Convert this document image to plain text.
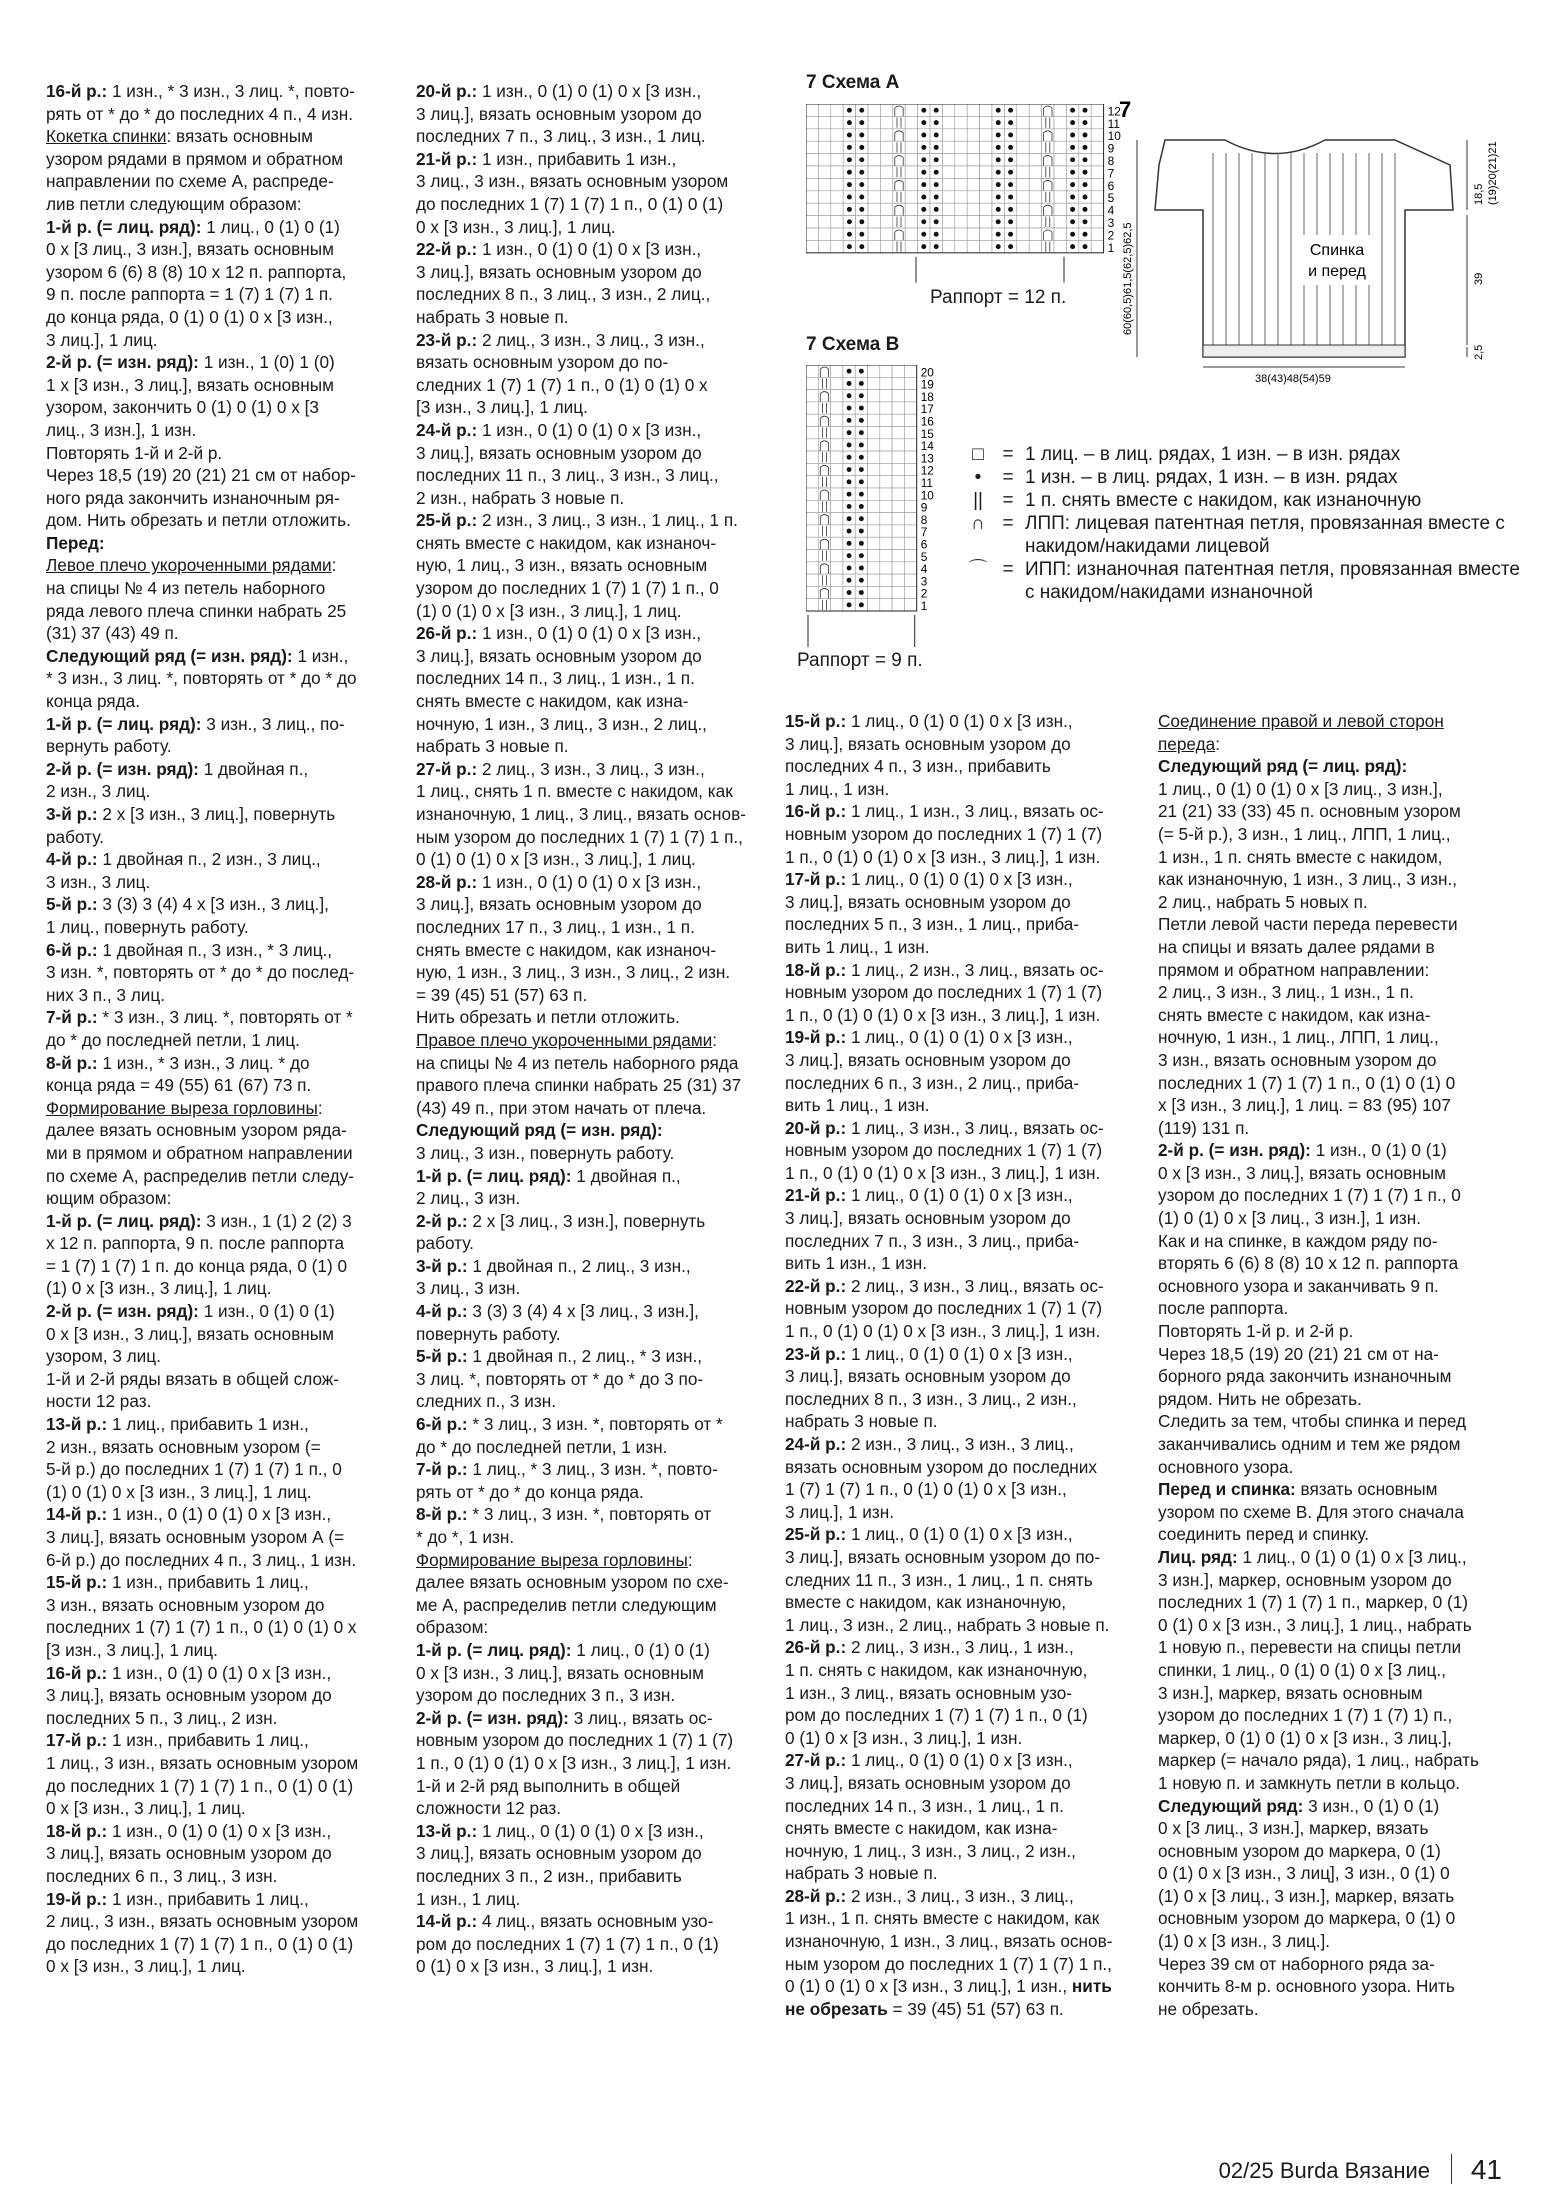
16-й р.: 1 изн., * 3 изн., 3 лиц. *, повто-

рять от * до * до последних 4 п., 4 изн.

Кокетка спинки: вязать основным

узором рядами в прямом и обратном

направлении по схеме А, распреде-

лив петли следующим образом:

1-й р. (= лиц. ряд): 1 лиц., 0 (1) 0 (1)

0 x [3 лиц., 3 изн.], вязать основным

узором 6 (6) 8 (8) 10 x 12 п. раппорта,

9 п. после раппорта = 1 (7) 1 (7) 1 п.

до конца ряда, 0 (1) 0 (1) 0 x [3 изн.,

3 лиц.], 1 лиц.

2-й р. (= изн. ряд): 1 изн., 1 (0) 1 (0)

1 x [3 изн., 3 лиц.], вязать основным

узором, закончить 0 (1) 0 (1) 0 x [3

лиц., 3 изн.], 1 изн.

Повторять 1-й и 2-й р.

Через 18,5 (19) 20 (21) 21 см от набор-

ного ряда закончить изнаночным ря-

дом. Нить обрезать и петли отложить.

Перед:

Левое плечо укороченными рядами:

на спицы № 4 из петель наборного

ряда левого плеча спинки набрать 25

(31) 37 (43) 49 п.

Следующий ряд (= изн. ряд): 1 изн.,

* 3 изн., 3 лиц. *, повторять от * до * до

конца ряда.

1-й р. (= лиц. ряд): 3 изн., 3 лиц., по-

вернуть работу.

2-й р. (= изн. ряд): 1 двойная п.,

2 изн., 3 лиц.

3-й р.: 2 x [3 изн., 3 лиц.], повернуть

работу.

4-й р.: 1 двойная п., 2 изн., 3 лиц.,

3 изн., 3 лиц.

5-й р.: 3 (3) 3 (4) 4 x [3 изн., 3 лиц.],

1 лиц., повернуть работу.

6-й р.: 1 двойная п., 3 изн., * 3 лиц.,

3 изн. *, повторять от * до * до послед-

них 3 п., 3 лиц.

7-й р.: * 3 изн., 3 лиц. *, повторять от *

до * до последней петли, 1 лиц.

8-й р.: 1 изн., * 3 изн., 3 лиц. * до

конца ряда = 49 (55) 61 (67) 73 п.

Формирование выреза горловины:

далее вязать основным узором ряда-

ми в прямом и обратном направлении

по схеме А, распределив петли следу-

ющим образом:

1-й р. (= лиц. ряд): 3 изн., 1 (1) 2 (2) 3

x 12 п. раппорта, 9 п. после раппорта

= 1 (7) 1 (7) 1 п. до конца ряда, 0 (1) 0

(1) 0 x [3 изн., 3 лиц.], 1 лиц.

2-й р. (= изн. ряд): 1 изн., 0 (1) 0 (1)

0 x [3 изн., 3 лиц.], вязать основным

узором, 3 лиц.

1-й и 2-й ряды вязать в общей слож-

ности 12 раз.

13-й р.: 1 лиц., прибавить 1 изн.,

2 изн., вязать основным узором (=

5-й р.) до последних 1 (7) 1 (7) 1 п., 0

(1) 0 (1) 0 x [3 изн., 3 лиц.], 1 лиц.

14-й р.: 1 изн., 0 (1) 0 (1) 0 x [3 изн.,

3 лиц.], вязать основным узором А (=

6-й р.) до последних 4 п., 3 лиц., 1 изн.

15-й р.: 1 изн., прибавить 1 лиц.,

3 изн., вязать основным узором до

последних 1 (7) 1 (7) 1 п., 0 (1) 0 (1) 0 x

[3 изн., 3 лиц.], 1 лиц.

16-й р.: 1 изн., 0 (1) 0 (1) 0 x [3 изн.,

3 лиц.], вязать основным узором до

последних 5 п., 3 лиц., 2 изн.

17-й р.: 1 изн., прибавить 1 лиц.,

1 лиц., 3 изн., вязать основным узором

до последних 1 (7) 1 (7) 1 п., 0 (1) 0 (1)

0 x [3 изн., 3 лиц.], 1 лиц.

18-й р.: 1 изн., 0 (1) 0 (1) 0 x [3 изн.,

3 лиц.], вязать основным узором до

последних 6 п., 3 лиц., 3 изн.

19-й р.: 1 изн., прибавить 1 лиц.,

2 лиц., 3 изн., вязать основным узором

до последних 1 (7) 1 (7) 1 п., 0 (1) 0 (1)

0 x [3 изн., 3 лиц.], 1 лиц.

20-й р.: 1 изн., 0 (1) 0 (1) 0 x [3 изн.,

3 лиц.], вязать основным узором до

последних 7 п., 3 лиц., 3 изн., 1 лиц.

21-й р.: 1 изн., прибавить 1 изн.,

3 лиц., 3 изн., вязать основным узором

до последних 1 (7) 1 (7) 1 п., 0 (1) 0 (1)

0 x [3 изн., 3 лиц.], 1 лиц.

22-й р.: 1 изн., 0 (1) 0 (1) 0 x [3 изн.,

3 лиц.], вязать основным узором до

последних 8 п., 3 лиц., 3 изн., 2 лиц.,

набрать 3 новые п.

23-й р.: 2 лиц., 3 изн., 3 лиц., 3 изн.,

вязать основным узором до по-

следних 1 (7) 1 (7) 1 п., 0 (1) 0 (1) 0 x

[3 изн., 3 лиц.], 1 лиц.

24-й р.: 1 изн., 0 (1) 0 (1) 0 x [3 изн.,

3 лиц.], вязать основным узором до

последних 11 п., 3 лиц., 3 изн., 3 лиц.,

2 изн., набрать 3 новые п.

25-й р.: 2 изн., 3 лиц., 3 изн., 1 лиц., 1 п.

снять вместе с накидом, как изнаноч-

ную, 1 лиц., 3 изн., вязать основным

узором до последних 1 (7) 1 (7) 1 п., 0

(1) 0 (1) 0 x [3 изн., 3 лиц.], 1 лиц.

26-й р.: 1 изн., 0 (1) 0 (1) 0 x [3 изн.,

3 лиц.], вязать основным узором до

последних 14 п., 3 лиц., 1 изн., 1 п.

снять вместе с накидом, как изна-

ночную, 1 изн., 3 лиц., 3 изн., 2 лиц.,

набрать 3 новые п.

27-й р.: 2 лиц., 3 изн., 3 лиц., 3 изн.,

1 лиц., снять 1 п. вместе с накидом, как

изнаночную, 1 лиц., 3 лиц., вязать основ-

ным узором до последних 1 (7) 1 (7) 1 п.,

0 (1) 0 (1) 0 x [3 изн., 3 лиц.], 1 лиц.

28-й р.: 1 изн., 0 (1) 0 (1) 0 x [3 изн.,

3 лиц.], вязать основным узором до

последних 17 п., 3 лиц., 1 изн., 1 п.

снять вместе с накидом, как изнаноч-

ную, 1 изн., 3 лиц., 3 изн., 3 лиц., 2 изн.

= 39 (45) 51 (57) 63 п.

Нить обрезать и петли отложить.

Правое плечо укороченными рядами:

на спицы № 4 из петель наборного ряда

правого плеча спинки набрать 25 (31) 37

(43) 49 п., при этом начать от плеча.

Следующий ряд (= изн. ряд):

3 лиц., 3 изн., повернуть работу.

1-й р. (= лиц. ряд): 1 двойная п.,

2 лиц., 3 изн.

2-й р.: 2 x [3 лиц., 3 изн.], повернуть

работу.

3-й р.: 1 двойная п., 2 лиц., 3 изн.,

3 лиц., 3 изн.

4-й р.: 3 (3) 3 (4) 4 x [3 лиц., 3 изн.],

повернуть работу.

5-й р.: 1 двойная п., 2 лиц., * 3 изн.,

3 лиц. *, повторять от * до * до 3 по-

следних п., 3 изн.

6-й р.: * 3 лиц., 3 изн. *, повторять от *

до * до последней петли, 1 изн.

7-й р.: 1 лиц., * 3 лиц., 3 изн. *, повто-

рять от * до * до конца ряда.

8-й р.: * 3 лиц., 3 изн. *, повторять от

* до *, 1 изн.

Формирование выреза горловины:

далее вязать основным узором по схе-

ме А, распределив петли следующим

образом:

1-й р. (= лиц. ряд): 1 лиц., 0 (1) 0 (1)

0 x [3 изн., 3 лиц.], вязать основным

узором до последних 3 п., 3 изн.

2-й р. (= изн. ряд): 3 лиц., вязать ос-

новным узором до последних 1 (7) 1 (7)

1 п., 0 (1) 0 (1) 0 x [3 изн., 3 лиц.], 1 изн.

1-й и 2-й ряд выполнить в общей

сложности 12 раз.

13-й р.: 1 лиц., 0 (1) 0 (1) 0 x [3 изн.,

3 лиц.], вязать основным узором до

последних 3 п., 2 изн., прибавить

1 изн., 1 лиц.

14-й р.: 4 лиц., вязать основным узо-

ром до последних 1 (7) 1 (7) 1 п., 0 (1)

0 (1) 0 x [3 изн., 3 лиц.], 1 изн.

7 Схема А
12
11
10
9
8
7
6
5
4
3
2
1
Раппорт = 12 п.
7 Схема В
20
19
18
17
16
15
14
13
12
11
10
9
8
7
6
5
4
3
2
1
Раппорт = 9 п.
7
Спинка
и перед
60(60,5)61,5(62,5)62,5
18,5 (19)20(21)21
39
2,5
38(43)48(54)59
□ = 1 лиц. – в лиц. рядах, 1 изн. – в изн. рядах
•	= 1 изн. – в лиц. рядах, 1 изн. – в изн. рядах
||	= 1 п. снять вместе с накидом, как изнаночную
∩ = ЛПП: лицевая патентная петля, провязанная вместе с накидом/накидами лицевой
⌒ = ИПП: изнаночная патентная петля, провязанная вместе с накидом/накидами изнаночной

15-й р.: 1 лиц., 0 (1) 0 (1) 0 x [3 изн.,

3 лиц.], вязать основным узором до

последних 4 п., 3 изн., прибавить

1 лиц., 1 изн.

16-й р.: 1 лиц., 1 изн., 3 лиц., вязать ос-

новным узором до последних 1 (7) 1 (7)

1 п., 0 (1) 0 (1) 0 x [3 изн., 3 лиц.], 1 изн.

17-й р.: 1 лиц., 0 (1) 0 (1) 0 x [3 изн.,

3 лиц.], вязать основным узором до

последних 5 п., 3 изн., 1 лиц., приба-

вить 1 лиц., 1 изн.

18-й р.: 1 лиц., 2 изн., 3 лиц., вязать ос-

новным узором до последних 1 (7) 1 (7)

1 п., 0 (1) 0 (1) 0 x [3 изн., 3 лиц.], 1 изн.

19-й р.: 1 лиц., 0 (1) 0 (1) 0 x [3 изн.,

3 лиц.], вязать основным узором до

последних 6 п., 3 изн., 2 лиц., приба-

вить 1 лиц., 1 изн.

20-й р.: 1 лиц., 3 изн., 3 лиц., вязать ос-

новным узором до последних 1 (7) 1 (7)

1 п., 0 (1) 0 (1) 0 x [3 изн., 3 лиц.], 1 изн.

21-й р.: 1 лиц., 0 (1) 0 (1) 0 x [3 изн.,

3 лиц.], вязать основным узором до

последних 7 п., 3 изн., 3 лиц., приба-

вить 1 изн., 1 изн.

22-й р.: 2 лиц., 3 изн., 3 лиц., вязать ос-

новным узором до последних 1 (7) 1 (7)

1 п., 0 (1) 0 (1) 0 x [3 изн., 3 лиц.], 1 изн.

23-й р.: 1 лиц., 0 (1) 0 (1) 0 x [3 изн.,

3 лиц.], вязать основным узором до

последних 8 п., 3 изн., 3 лиц., 2 изн.,

набрать 3 новые п.

24-й р.: 2 изн., 3 лиц., 3 изн., 3 лиц.,

вязать основным узором до последних

1 (7) 1 (7) 1 п., 0 (1) 0 (1) 0 x [3 изн.,

3 лиц.], 1 изн.

25-й р.: 1 лиц., 0 (1) 0 (1) 0 x [3 изн.,

3 лиц.], вязать основным узором до по-

следних 11 п., 3 изн., 1 лиц., 1 п. снять

вместе с накидом, как изнаночную,

1 лиц., 3 изн., 2 лиц., набрать 3 новые п.

26-й р.: 2 лиц., 3 изн., 3 лиц., 1 изн.,

1 п. снять с накидом, как изнаночную,

1 изн., 3 лиц., вязать основным узо-

ром до последних 1 (7) 1 (7) 1 п., 0 (1)

0 (1) 0 x [3 изн., 3 лиц.], 1 изн.

27-й р.: 1 лиц., 0 (1) 0 (1) 0 x [3 изн.,

3 лиц.], вязать основным узором до

последних 14 п., 3 изн., 1 лиц., 1 п.

снять вместе с накидом, как изна-

ночную, 1 лиц., 3 изн., 3 лиц., 2 изн.,

набрать 3 новые п.

28-й р.: 2 изн., 3 лиц., 3 изн., 3 лиц.,

1 изн., 1 п. снять вместе с накидом, как

изнаночную, 1 изн., 3 лиц., вязать основ-

ным узором до последних 1 (7) 1 (7) 1 п.,

0 (1) 0 (1) 0 x [3 изн., 3 лиц.], 1 изн., нить

не обрезать = 39 (45) 51 (57) 63 п.

Соединение правой и левой сторон

переда:

Следующий ряд (= лиц. ряд):

1 лиц., 0 (1) 0 (1) 0 x [3 лиц., 3 изн.],

21 (21) 33 (33) 45 п. основным узором

(= 5-й р.), 3 изн., 1 лиц., ЛПП, 1 лиц.,

1 изн., 1 п. снять вместе с накидом,

как изнаночную, 1 изн., 3 лиц., 3 изн.,

2 лиц., набрать 5 новых п.

Петли левой части переда перевести

на спицы и вязать далее рядами в

прямом и обратном направлении:

2 лиц., 3 изн., 3 лиц., 1 изн., 1 п.

снять вместе с накидом, как изна-

ночную, 1 изн., 1 лиц., ЛПП, 1 лиц.,

3 изн., вязать основным узором до

последних 1 (7) 1 (7) 1 п., 0 (1) 0 (1) 0

x [3 изн., 3 лиц.], 1 лиц. = 83 (95) 107

(119) 131 п.

2-й р. (= изн. ряд): 1 изн., 0 (1) 0 (1)

0 x [3 изн., 3 лиц.], вязать основным

узором до последних 1 (7) 1 (7) 1 п., 0

(1) 0 (1) 0 x [3 лиц., 3 изн.], 1 изн.

Как и на спинке, в каждом ряду по-

вторять 6 (6) 8 (8) 10 x 12 п. раппорта

основного узора и заканчивать 9 п.

после раппорта.

Повторять 1-й р. и 2-й р.

Через 18,5 (19) 20 (21) 21 см от на-

борного ряда закончить изнаночным

рядом. Нить не обрезать.

Следить за тем, чтобы спинка и перед

заканчивались одним и тем же рядом

основного узора.

Перед и спинка: вязать основным

узором по схеме В. Для этого сначала

соединить перед и спинку.

Лиц. ряд: 1 лиц., 0 (1) 0 (1) 0 x [3 лиц.,

3 изн.], маркер, основным узором до

последних 1 (7) 1 (7) 1 п., маркер, 0 (1)

0 (1) 0 x [3 изн., 3 лиц.], 1 лиц., набрать

1 новую п., перевести на спицы петли

спинки, 1 лиц., 0 (1) 0 (1) 0 x [3 лиц.,

3 изн.], маркер, вязать основным

узором до последних 1 (7) 1 (7) 1) п.,

маркер, 0 (1) 0 (1) 0 x [3 изн., 3 лиц.],

маркер (= начало ряда), 1 лиц., набрать

1 новую п. и замкнуть петли в кольцо.

Следующий ряд: 3 изн., 0 (1) 0 (1)

0 x [3 лиц., 3 изн.], маркер, вязать

основным узором до маркера, 0 (1)

0 (1) 0 x [3 изн., 3 лиц], 3 изн., 0 (1) 0

(1) 0 x [3 лиц., 3 изн.], маркер, вязать

основным узором до маркера, 0 (1) 0

(1) 0 x [3 изн., 3 лиц.].

Через 39 см от наборного ряда за-

кончить 8-м р. основного узора. Нить

не обрезать.

02/25 Burda Вязание 41
